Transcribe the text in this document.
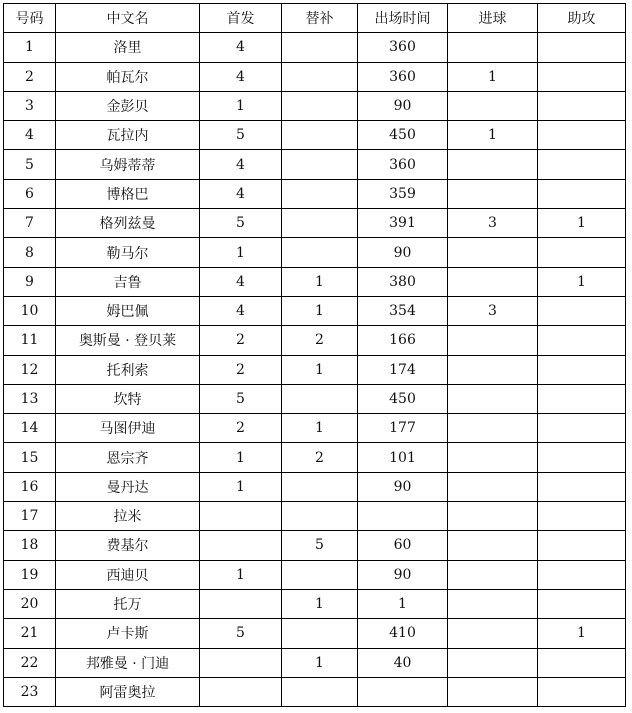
号码	中文名	首发	替补	出场时间	进球	助攻
1	洛里	4		360		
2	帕瓦尔	4		360	1	
3	金彭贝	1		90		
4	瓦拉内	5		450	1	
5	乌姆蒂蒂	4		360		
6	博格巴	4		359		
7	格列兹曼	5		391	3	1
8	勒马尔	1		90		
9	吉鲁	4	1	380		1
10	姆巴佩	4	1	354	3	
11	奥斯曼 · 登贝莱	2	2	166		
12	托利索	2	1	174		
13	坎特	5		450		
14	马图伊迪	2	1	177		
15	恩宗齐	1	2	101		
16	曼丹达	1		90		
17	拉米					
18	费基尔		5	60		
19	西迪贝	1		90		
20	托万		1	1		
21	卢卡斯	5		410		1
22	邦雅曼 · 门迪		1	40		
23	阿雷奥拉					
